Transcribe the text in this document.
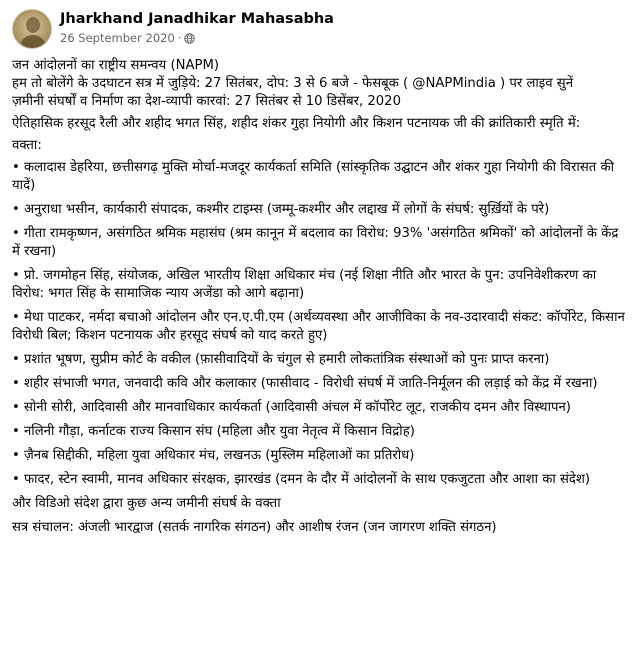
Jharkhand Janadhikar Mahasabha
26 September 2020 ·

जन आंदोलनों का राष्ट्रीय समन्वय (NAPM)

हम तो बोलेंगे के उदघाटन सत्र में जुड़िये: 27 सितंबर, दोप: 3 से 6 बजे - फेसबूक ( @NAPMindia ) पर लाइव सुनें

ज़मीनी संघर्षों व निर्माण का देश-व्यापी कारवां: 27 सितंबर से 10 डिसेंबर, 2020

ऐतिहासिक हरसूद रैली और शहीद भगत सिंह, शहीद शंकर गुहा नियोगी और किशन पटनायक जी की क्रांतिकारी स्मृति में:

वक्ता:

• कलादास डेहरिया, छत्तीसगढ़ मुक्ति मोर्चा-मजदूर कार्यकर्ता समिति (सांस्कृतिक उद्घाटन और शंकर गुहा नियोगी की विरासत की यादें)

• अनुराधा भसीन, कार्यकारी संपादक, कश्मीर टाइम्स (जम्मू-कश्मीर और लद्दाख में लोगों के संघर्ष: सुर्ख़ियों के परे)

• गीता रामकृष्णन, असंगठित श्रमिक महासंघ (श्रम कानून में बदलाव का विरोध: 93% 'असंगठित श्रमिकों' को आंदोलनों के केंद्र में रखना)

• प्रो. जगमोहन सिंह, संयोजक, अखिल भारतीय शिक्षा अधिकार मंच (नई शिक्षा नीति और भारत के पुन: उपनिवेशीकरण का विरोध: भगत सिंह के सामाजिक न्याय अजेंडा को आगे बढ़ाना)

• मेधा पाटकर, नर्मदा बचाओ आंदोलन और एन.ए.पी.एम (अर्थव्यवस्था और आजीविका के नव-उदारवादी संकट: कॉर्पोरेट, किसान विरोधी बिल; किशन पटनायक और हरसूद संघर्ष को याद करते हुए)

• प्रशांत भूषण, सुप्रीम कोर्ट के वकील (फ़ासीवादियों के चंगुल से हमारी लोकतांत्रिक संस्थाओं को पुनः प्राप्त करना)

• शहीर संभाजी भगत, जनवादी कवि और कलाकार (फासीवाद - विरोधी संघर्ष में जाति-निर्मूलन की लड़ाई को केंद्र में रखना)

• सोनी सोरी, आदिवासी और मानवाधिकार कार्यकर्ता (आदिवासी अंचल में कॉर्पोरेट लूट, राजकीय दमन और विस्थापन)

• नलिनी गौड़ा, कर्नाटक राज्य किसान संघ (महिला और युवा नेतृत्व में किसान विद्रोह)

• ज़ैनब सिद्दीकी, महिला युवा अधिकार मंच, लखनऊ (मुस्लिम महिलाओं का प्रतिरोध)

• फादर, स्टेन स्वामी, मानव अधिकार संरक्षक, झारखंड (दमन के दौर में आंदोलनों के साथ एकजुटता और आशा का संदेश)

और विडिओ संदेश द्वारा कुछ अन्य जमीनी संघर्ष के वक्ता

सत्र संचालन: अंजली भारद्वाज (सतर्क नागरिक संगठन) और आशीष रंजन (जन जागरण शक्ति संगठन)
